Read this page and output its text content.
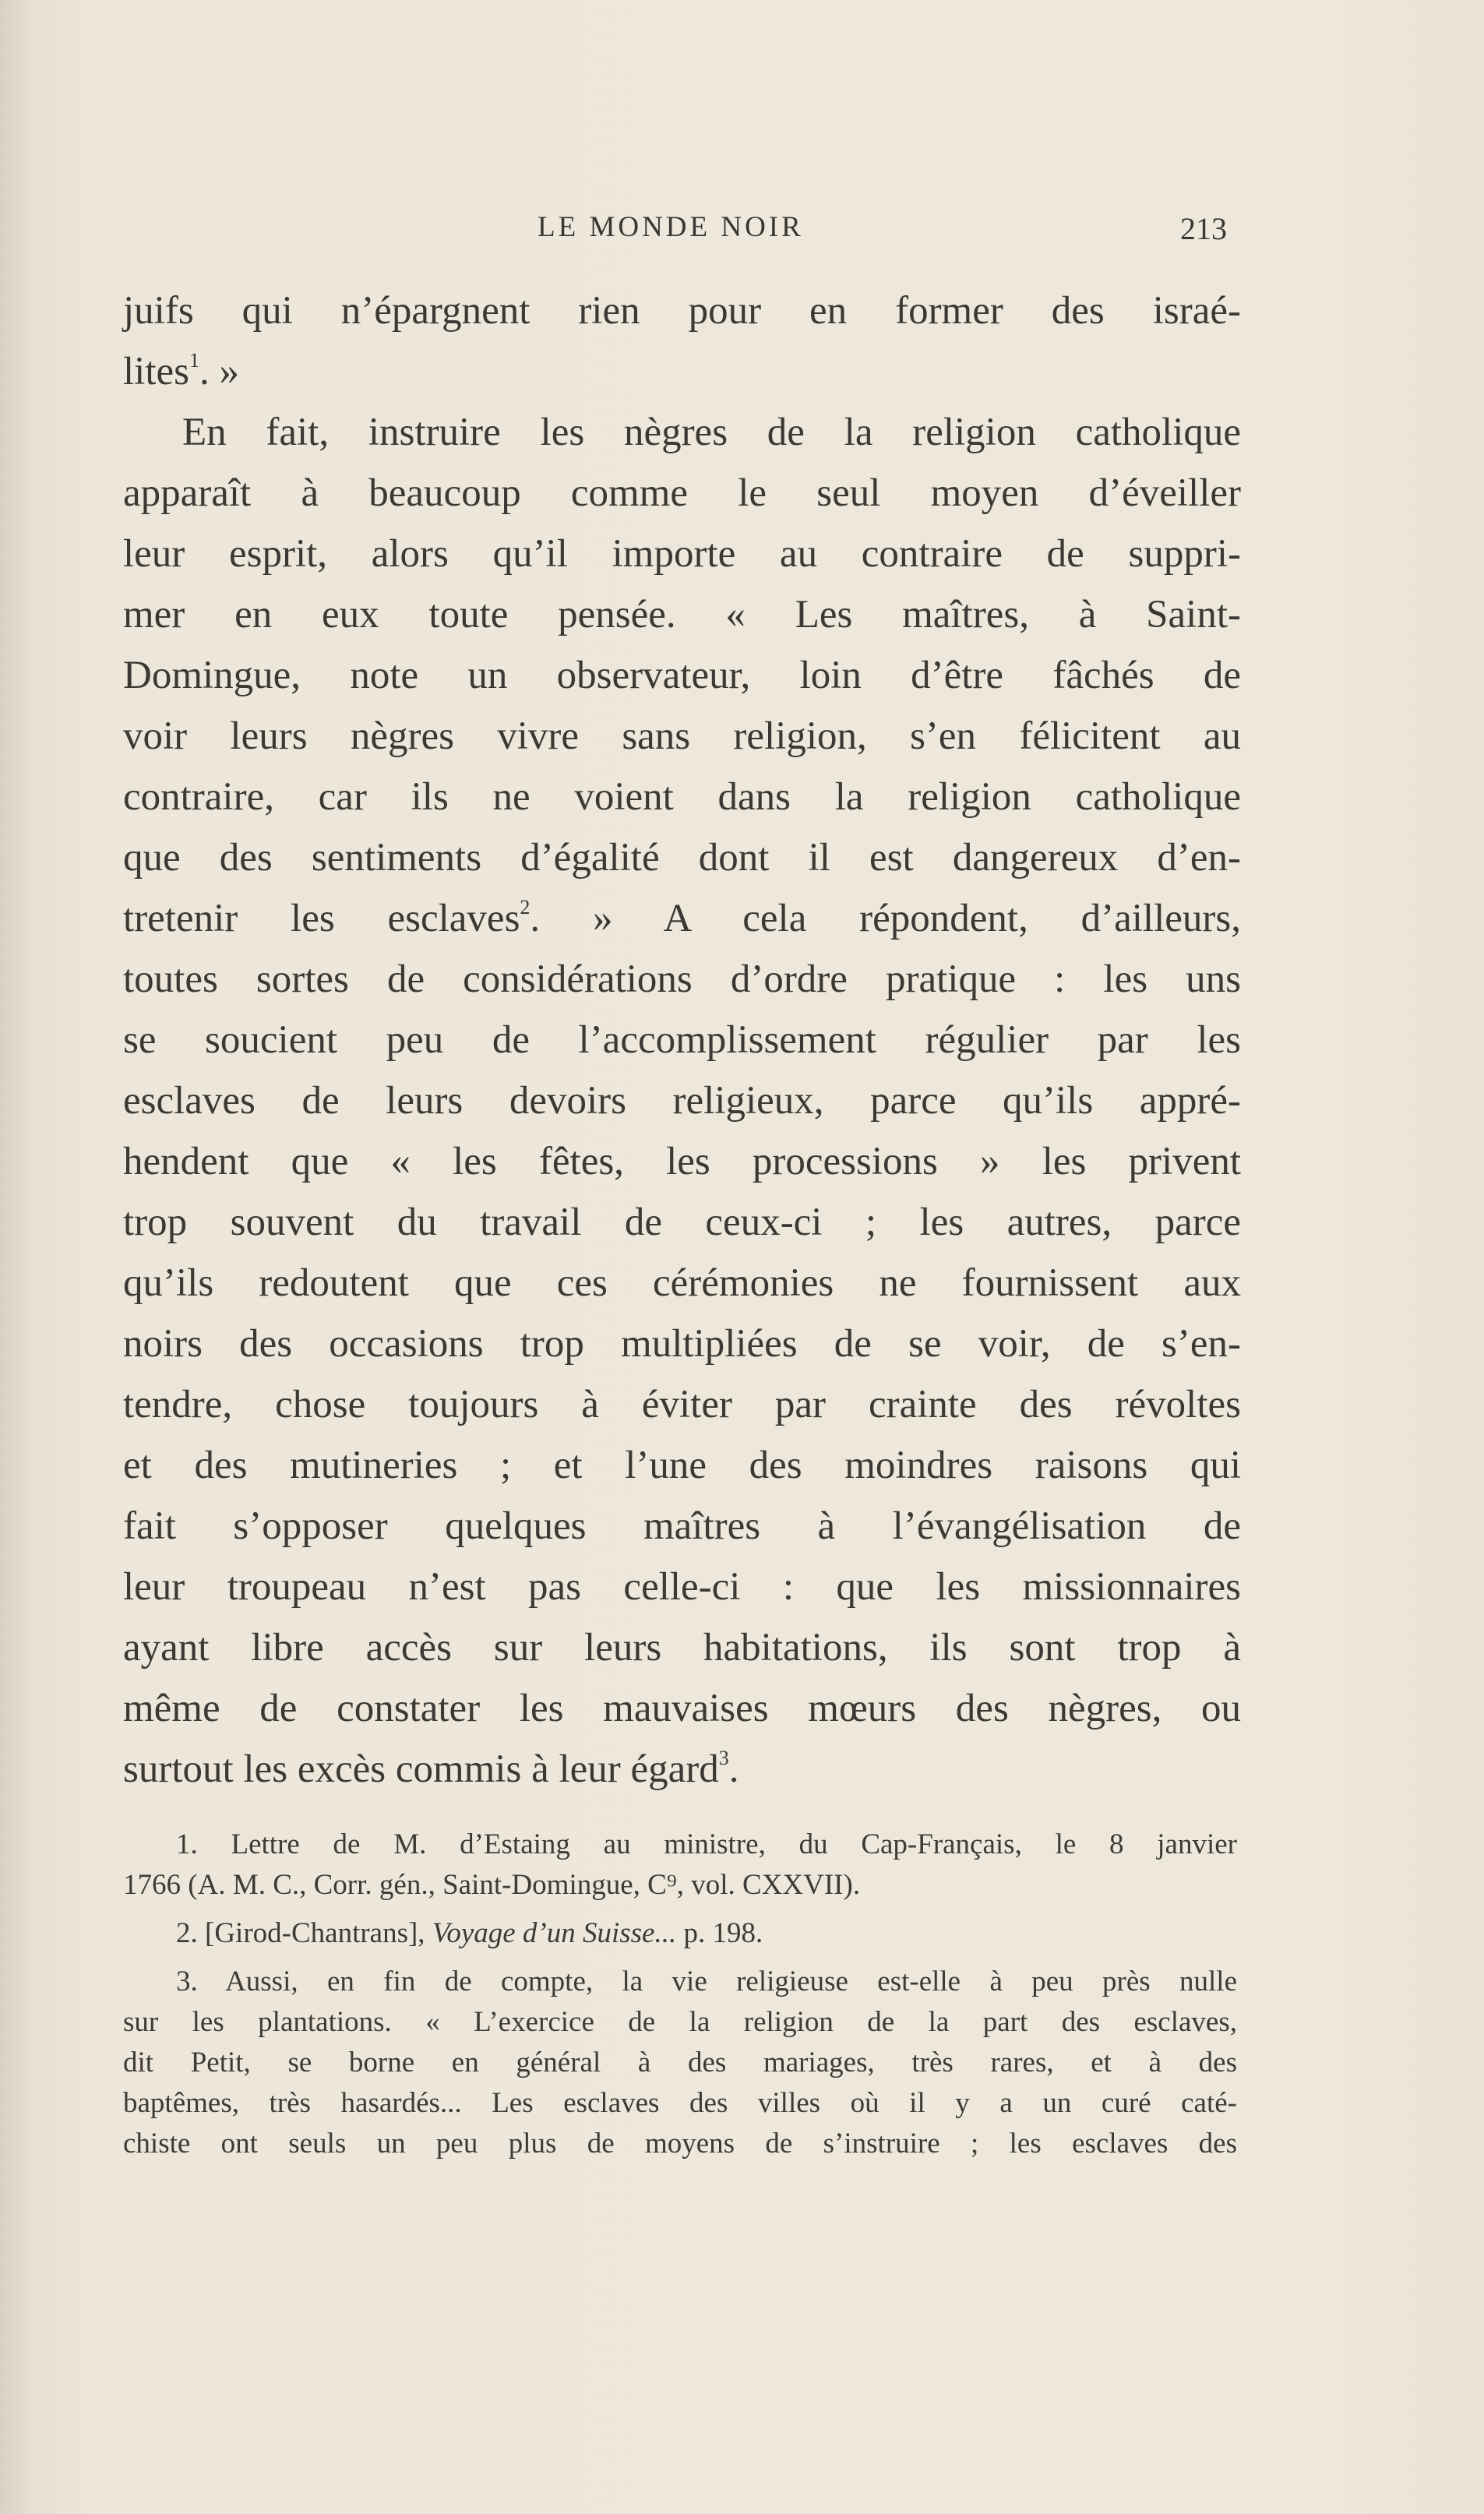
LE MONDE NOIR	213
juifs qui n’épargnent rien pour en former des israé-
lites$^1$. »
En fait, instruire les nègres de la religion catholique
apparaît à beaucoup comme le seul moyen d’éveiller
leur esprit, alors qu’il importe au contraire de suppri-
mer en eux toute pensée. « Les maîtres, à Saint-
Domingue, note un observateur, loin d’être fâchés de
voir leurs nègres vivre sans religion, s’en félicitent au
contraire, car ils ne voient dans la religion catholique
que des sentiments d’égalité dont il est dangereux d’en-
tretenir les esclaves$^2$. » A cela répondent, d’ailleurs,
toutes sortes de considérations d’ordre pratique : les uns
se soucient peu de l’accomplissement régulier par les
esclaves de leurs devoirs religieux, parce qu’ils appré-
hendent que « les fêtes, les processions » les privent
trop souvent du travail de ceux-ci ; les autres, parce
qu’ils redoutent que ces cérémonies ne fournissent aux
noirs des occasions trop multipliées de se voir, de s’en-
tendre, chose toujours à éviter par crainte des révoltes
et des mutineries ; et l’une des moindres raisons qui
fait s’opposer quelques maîtres à l’évangélisation de
leur troupeau n’est pas celle-ci : que les missionnaires
ayant libre accès sur leurs habitations, ils sont trop à
même de constater les mauvaises mœurs des nègres, ou
surtout les excès commis à leur égard$^3$.
1. Lettre de M. d’Estaing au ministre, du Cap-Français, le 8 janvier
1766 (A. M. C., Corr. gén., Saint-Domingue, C⁹, vol. CXXVII).
2. [Girod-Chantrans], Voyage d’un Suisse... p. 198.
3. Aussi, en fin de compte, la vie religieuse est-elle à peu près nulle
sur les plantations. « L’exercice de la religion de la part des esclaves,
dit Petit, se borne en général à des mariages, très rares, et à des
baptêmes, très hasardés... Les esclaves des villes où il y a un curé caté-
chiste ont seuls un peu plus de moyens de s’instruire ; les esclaves des
